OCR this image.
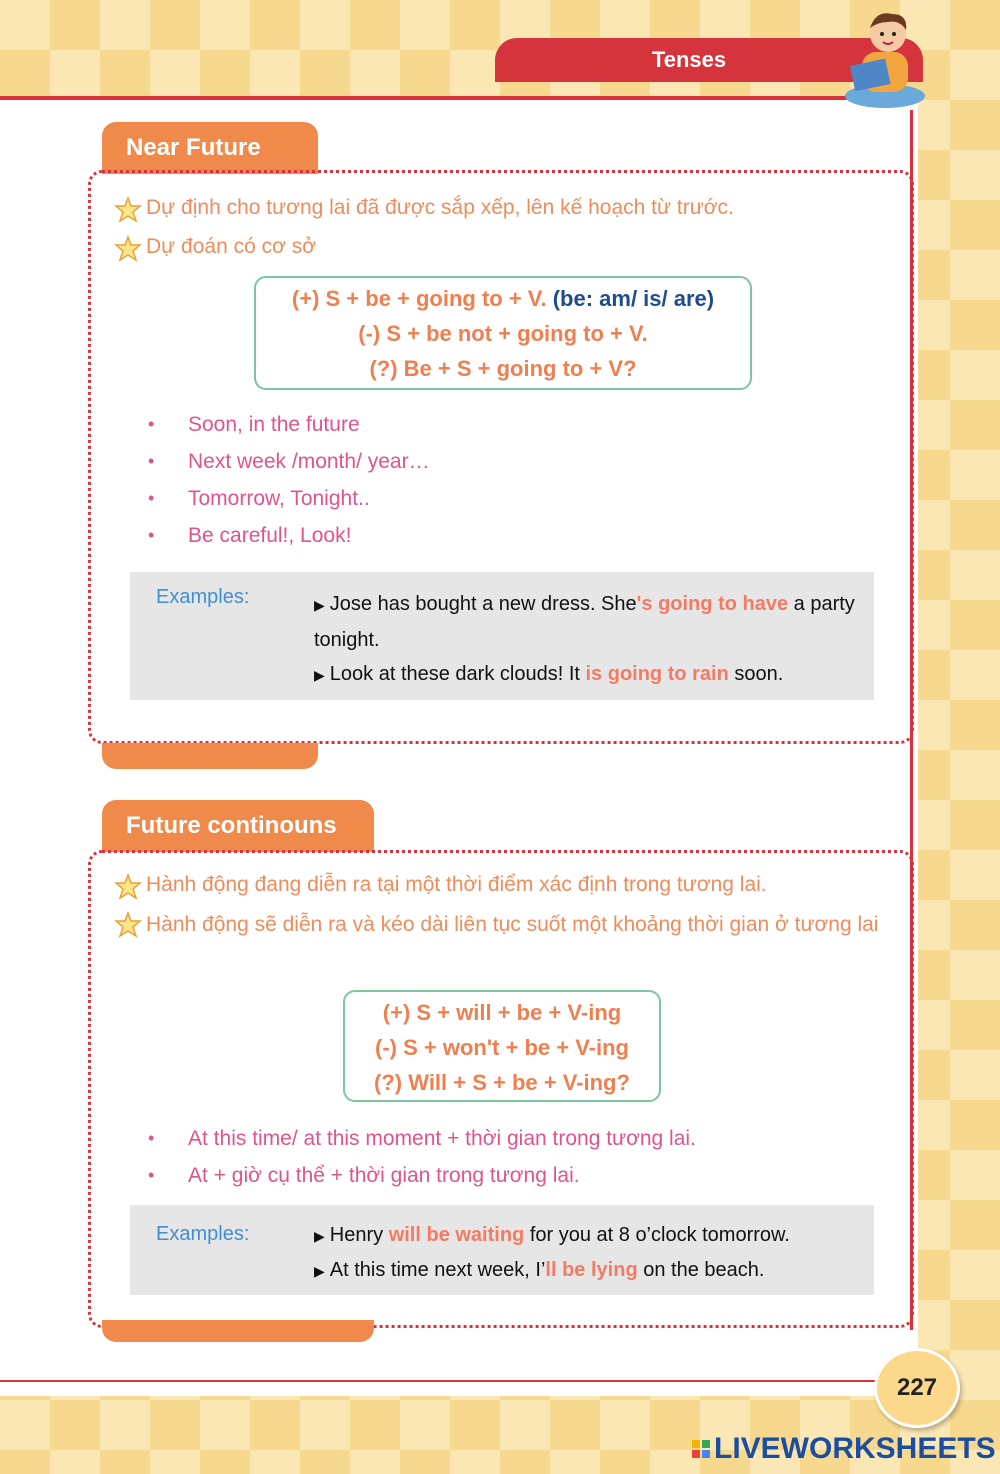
Tenses
Near Future
Dự định cho tương lai đã được sắp xếp, lên kế hoạch từ trước.
Dự đoán có cơ sở
(+) S + be + going to + V. (be: am/ is/ are)
(-) S + be not + going to + V.
(?) Be + S + going to + V?
•	Soon, in the future
•	Next week /month/ year…
•	Tomorrow, Tonight..
•	Be careful!, Look!
Examples:	▶ Jose has bought a new dress. She's going to have a party tonight.
▶ Look at these dark clouds! It is going to rain soon.
Future continouns
Hành động đang diễn ra tại một thời điểm xác định trong tương lai.
Hành động sẽ diễn ra và kéo dài liên tục suốt một khoảng thời gian ở tương lai
(+) S + will + be + V-ing
(-) S + won't + be + V-ing
(?) Will + S + be + V-ing?
•	At this time/ at this moment + thời gian trong tương lai.
•	At + giờ cụ thể + thời gian trong tương lai.
Examples:	▶ Henry will be waiting for you at 8 o’clock tomorrow.
▶ At this time next week, I’ll be lying on the beach.
227
LIVEWORKSHEETS
